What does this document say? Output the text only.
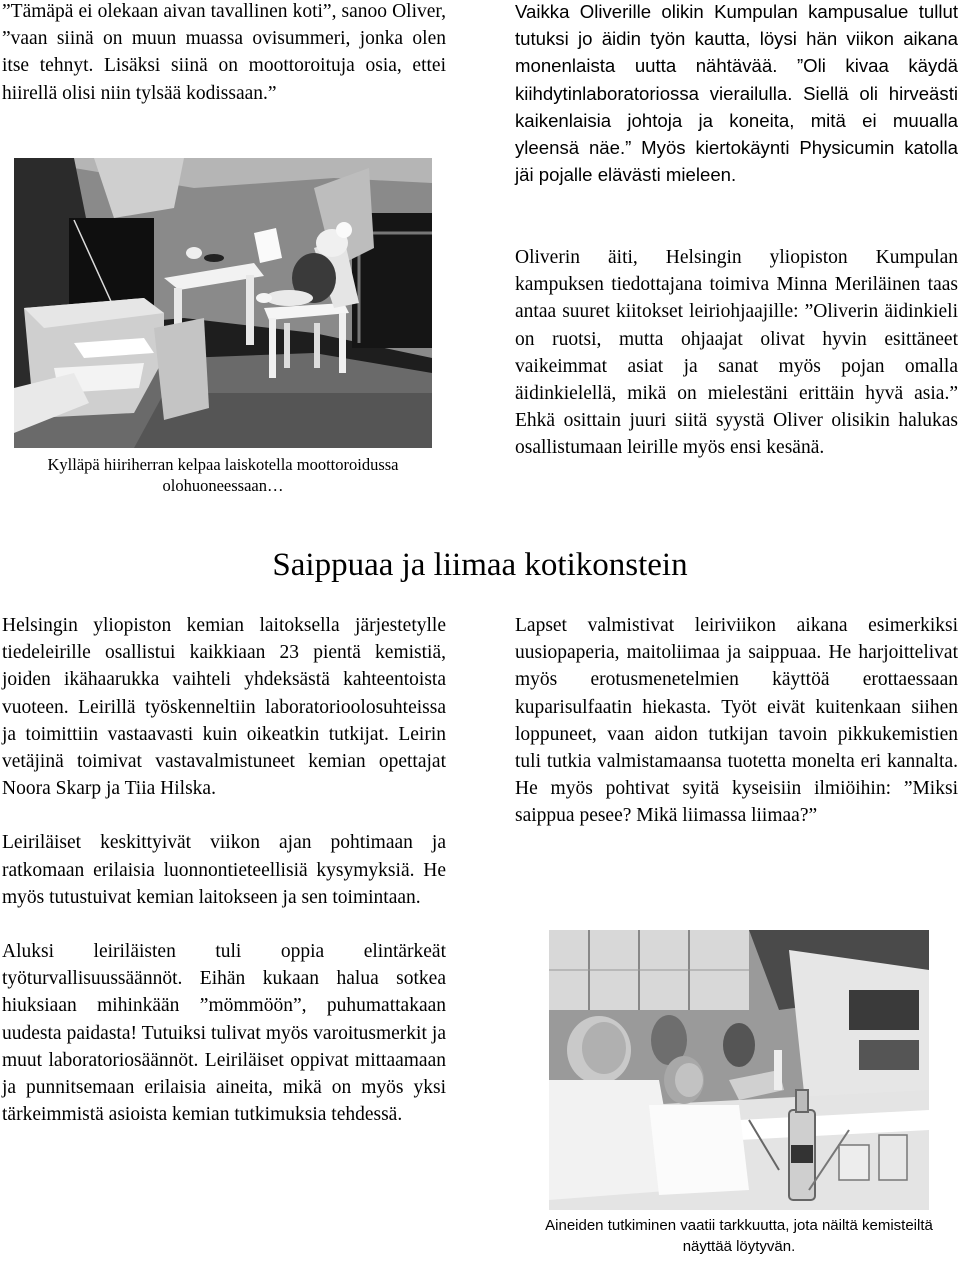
”Tämäpä ei olekaan aivan tavallinen koti”, sanoo Oliver, ”vaan siinä on muun muassa ovisummeri, jonka olen itse tehnyt. Lisäksi siinä on moottoroituja osia, ettei hiirellä olisi niin tylsää kodissaan.”

Kylläpä hiiriherran kelpaa laiskotella moottoroidussa olohuoneessaan…

Vaikka Oliverille olikin Kumpulan kampusalue tullut tutuksi jo äidin työn kautta, löysi hän viikon aikana monenlaista uutta nähtävää. ”Oli kivaa käydä kiihdytinlaboratoriossa vierailulla. Siellä oli hirveästi kaikenlaisia johtoja ja koneita, mitä ei muualla yleensä näe.” Myös kiertokäynti Physicumin katolla jäi pojalle elävästi mieleen.

Oliverin äiti, Helsingin yliopiston Kumpulan kampuksen tiedottajana toimiva Minna Meriläinen taas antaa suuret kiitokset leiriohjaajille: ”Oliverin äidinkieli on ruotsi, mutta ohjaajat olivat hyvin esittäneet vaikeimmat asiat ja sanat myös pojan omalla äidinkielellä, mikä on mielestäni erittäin hyvä asia.” Ehkä osittain juuri siitä syystä Oliver olisikin halukas osallistumaan leirille myös ensi kesänä.

Saippuaa ja liimaa kotikonstein

Helsingin yliopiston kemian laitoksella järjestetylle tiedeleirille osallistui kaikkiaan 23 pientä kemistiä, joiden ikähaarukka vaihteli yhdeksästä kahteentoista vuoteen. Leirillä työskenneltiin laboratorioolosuhteissa ja toimittiin vastaavasti kuin oikeatkin tutkijat. Leirin vetäjinä toimivat vastavalmistuneet kemian opettajat Noora Skarp ja Tiia Hilska.

Leiriläiset keskittyivät viikon ajan pohtimaan ja ratkomaan erilaisia luonnontieteellisiä kysymyksiä. He myös tutustuivat kemian laitokseen ja sen toimintaan.

Aluksi leiriläisten tuli oppia elintärkeät työturvallisuussäännöt. Eihän kukaan halua sotkea hiuksiaan mihinkään ”mömmöön”, puhumattakaan uudesta paidasta! Tutuiksi tulivat myös varoitusmerkit ja muut laboratoriosäännöt. Leiriläiset oppivat mittaamaan ja punnitsemaan erilaisia aineita, mikä on myös yksi tärkeimmistä asioista kemian tutkimuksia tehdessä.

Lapset valmistivat leiriviikon aikana esimerkiksi uusiopaperia, maitoliimaa ja saippuaa. He harjoittelivat myös erotusmenetelmien käyttöä erottaessaan kuparisulfaatin hiekasta. Työt eivät kuitenkaan siihen loppuneet, vaan aidon tutkijan tavoin pikkukemistien tuli tutkia valmistamaansa tuotetta monelta eri kannalta. He myös pohtivat syitä kyseisiin ilmiöihin: ”Miksi saippua pesee? Mikä liimassa liimaa?”

Aineiden tutkiminen vaatii tarkkuutta, jota näiltä kemisteiltä näyttää löytyvän.
